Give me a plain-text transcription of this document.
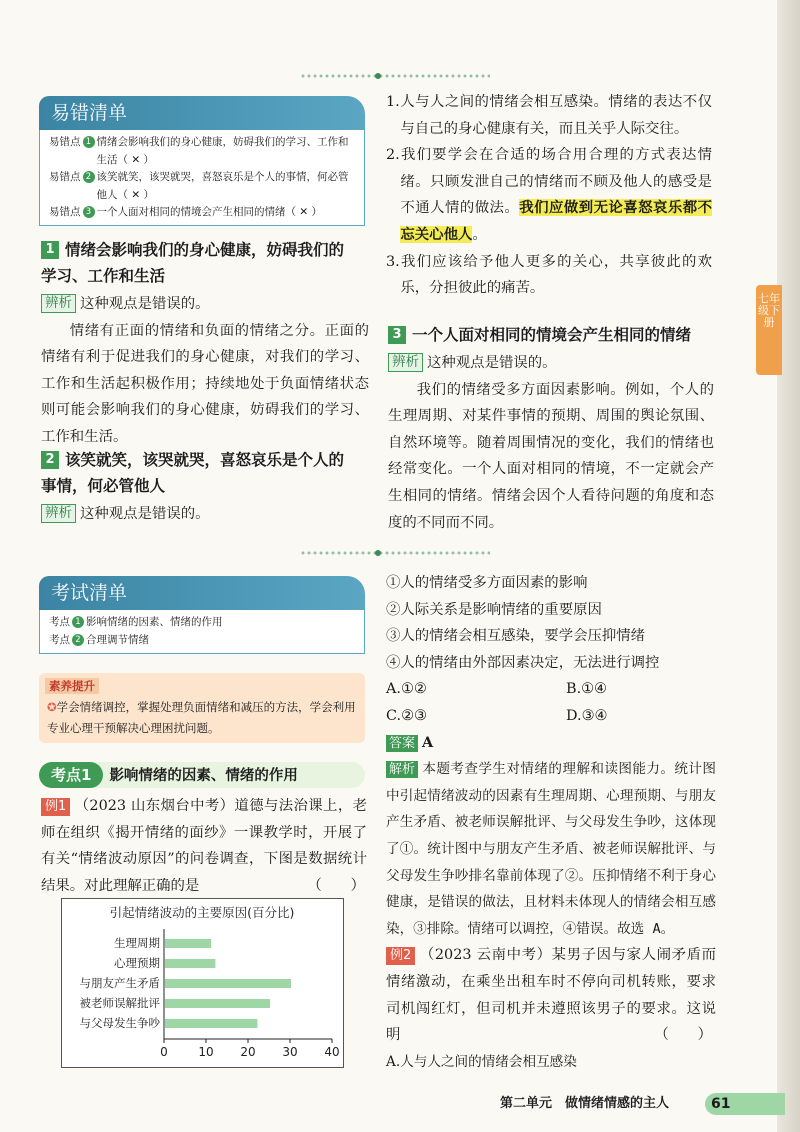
易错清单
易错点 1 情绪会影响我们的身心健康，妨碍我们的学习、工作和生活（ ✕ ）
易错点 2 该笑就笑，该哭就哭，喜怒哀乐是个人的事情，何必管他人（ ✕ ）
易错点 3 一个人面对相同的情境会产生相同的情绪（ ✕ ）
1 情绪会影响我们的身心健康，妨碍我们的
学习、工作和生活
辨析 这种观点是错误的。
情绪有正面的情绪和负面的情绪之分。正面的情绪有利于促进我们的身心健康，对我们的学习、工作和生活起积极作用；持续地处于负面情绪状态则可能会影响我们的身心健康，妨碍我们的学习、工作和生活。
2 该笑就笑，该哭就哭，喜怒哀乐是个人的
事情，何必管他人
辨析 这种观点是错误的。
1.人与人之间的情绪会相互感染。情绪的表达不仅与自己的身心健康有关，而且关乎人际交往。
2.我们要学会在合适的场合用合理的方式表达情绪。只顾发泄自己的情绪而不顾及他人的感受是不通人情的做法。我们应做到无论喜怒哀乐都不忘关心他人。
3.我们应该给予他人更多的关心，共享彼此的欢乐，分担彼此的痛苦。
3 一个人面对相同的情境会产生相同的情绪
辨析 这种观点是错误的。
我们的情绪受多方面因素影响。例如，个人的生理周期、对某件事情的预期、周围的舆论氛围、自然环境等。随着周围情况的变化，我们的情绪也经常变化。一个人面对相同的情境，不一定就会产生相同的情绪。情绪会因个人看待问题的角度和态度的不同而不同。
七年级下册
考试清单
考点 1 影响情绪的因素、情绪的作用
考点 2 合理调节情绪
素养提升
✪学会情绪调控，掌握处理负面情绪和减压的方法，学会利用专业心理干预解决心理困扰问题。
考点1 影响情绪的因素、情绪的作用
例1 （2023 山东烟台中考）道德与法治课上，老师在组织《揭开情绪的面纱》一课教学时，开展了有关“情绪波动原因”的问卷调查，下图是数据统计结果。对此理解正确的是	（　　）
引起情绪波动的主要原因(百分比)
生理周期
心理预期
与朋友产生矛盾
被老师误解批评
与父母发生争吵
0	10 20 30 40
①人的情绪受多方面因素的影响
②人际关系是影响情绪的重要原因
③人的情绪会相互感染，要学会压抑情绪
④人的情绪由外部因素决定，无法进行调控
A.①②	B.①④
C.②③	D.③④
答案 A
解析 本题考查学生对情绪的理解和读图能力。统计图中引起情绪波动的因素有生理周期、心理预期、与朋友产生矛盾、被老师误解批评、与父母发生争吵，这体现了①。统计图中与朋友产生矛盾、被老师误解批评、与父母发生争吵排名靠前体现了②。压抑情绪不利于身心健康，是错误的做法，且材料未体现人的情绪会相互感染，③排除。情绪可以调控，④错误。故选 A。
例2 （2023 云南中考）某男子因与家人闹矛盾而情绪激动，在乘坐出租车时不停向司机转账，要求司机闯红灯，但司机并未遵照该男子的要求。这说明	（　　）
A.人与人之间的情绪会相互感染
第二单元　 做情绪情感的主人	61
